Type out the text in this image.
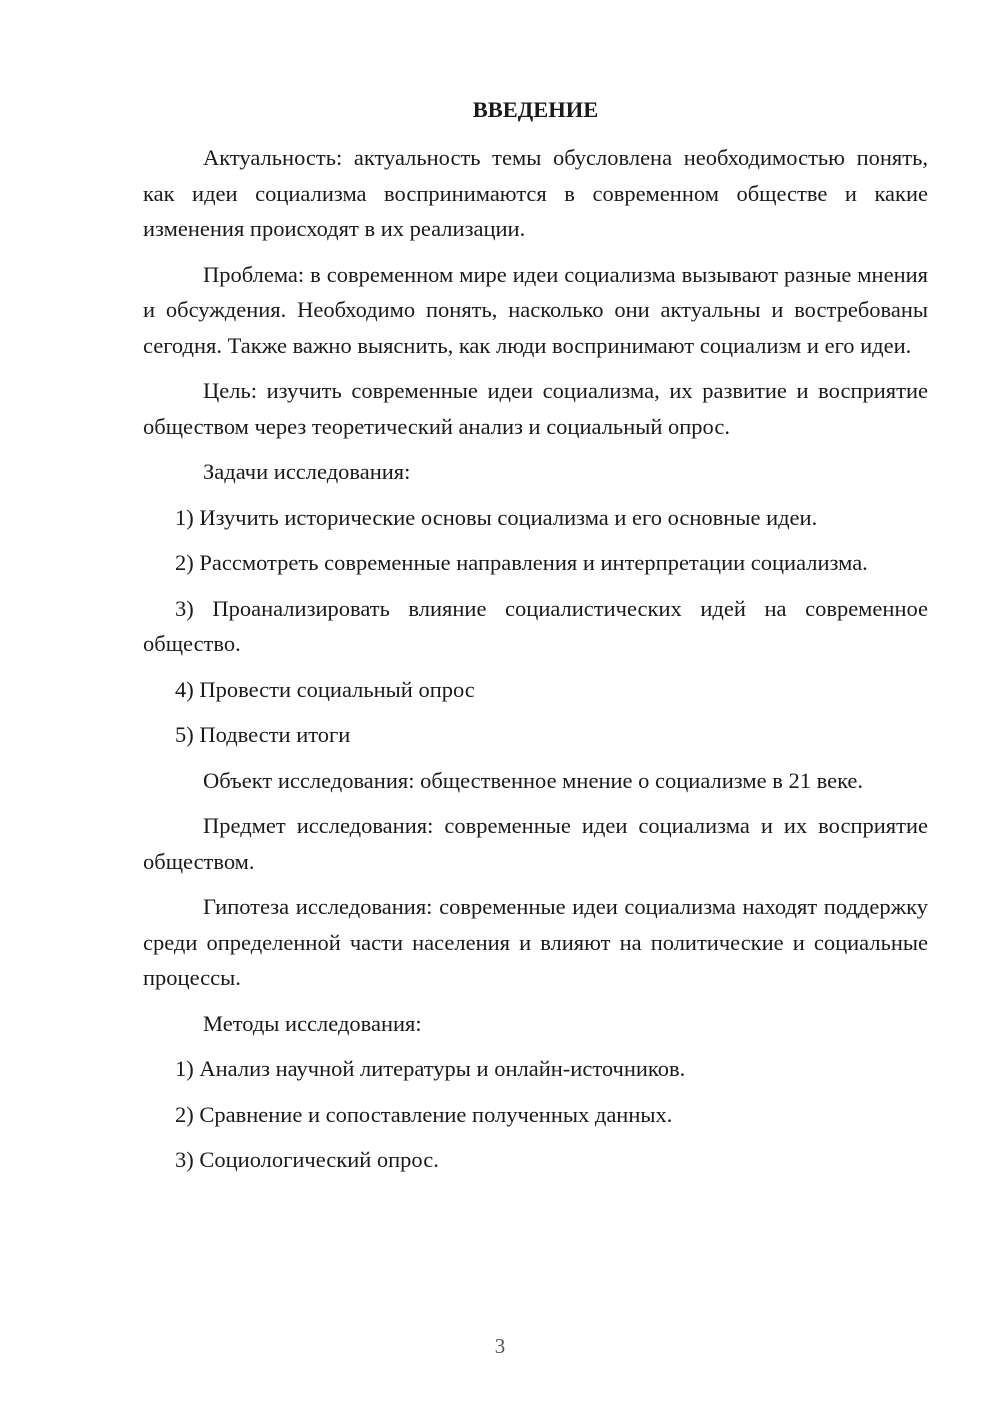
ВВЕДЕНИЕ

Актуальность: актуальность темы обусловлена необходимостью понять, как идеи социализма воспринимаются в современном обществе и какие изменения происходят в их реализации.

Проблема: в современном мире идеи социализма вызывают разные мнения и обсуждения. Необходимо понять, насколько они актуальны и востребованы сегодня. Также важно выяснить, как люди воспринимают социализм и его идеи.

Цель: изучить современные идеи социализма, их развитие и восприятие обществом через теоретический анализ и социальный опрос.

Задачи исследования:

1) Изучить исторические основы социализма и его основные идеи.

2) Рассмотреть современные направления и интерпретации социализма.

3) Проанализировать влияние социалистических идей на современное общество.

4) Провести социальный опрос

5) Подвести итоги

Объект исследования: общественное мнение о социализме в 21 веке.

Предмет исследования: современные идеи социализма и их восприятие обществом.

Гипотеза исследования: современные идеи социализма находят поддержку среди определенной части населения и влияют на политические и социальные процессы.

Методы исследования:

1) Анализ научной литературы и онлайн-источников.

2) Сравнение и сопоставление полученных данных.

3) Социологический опрос.

3
